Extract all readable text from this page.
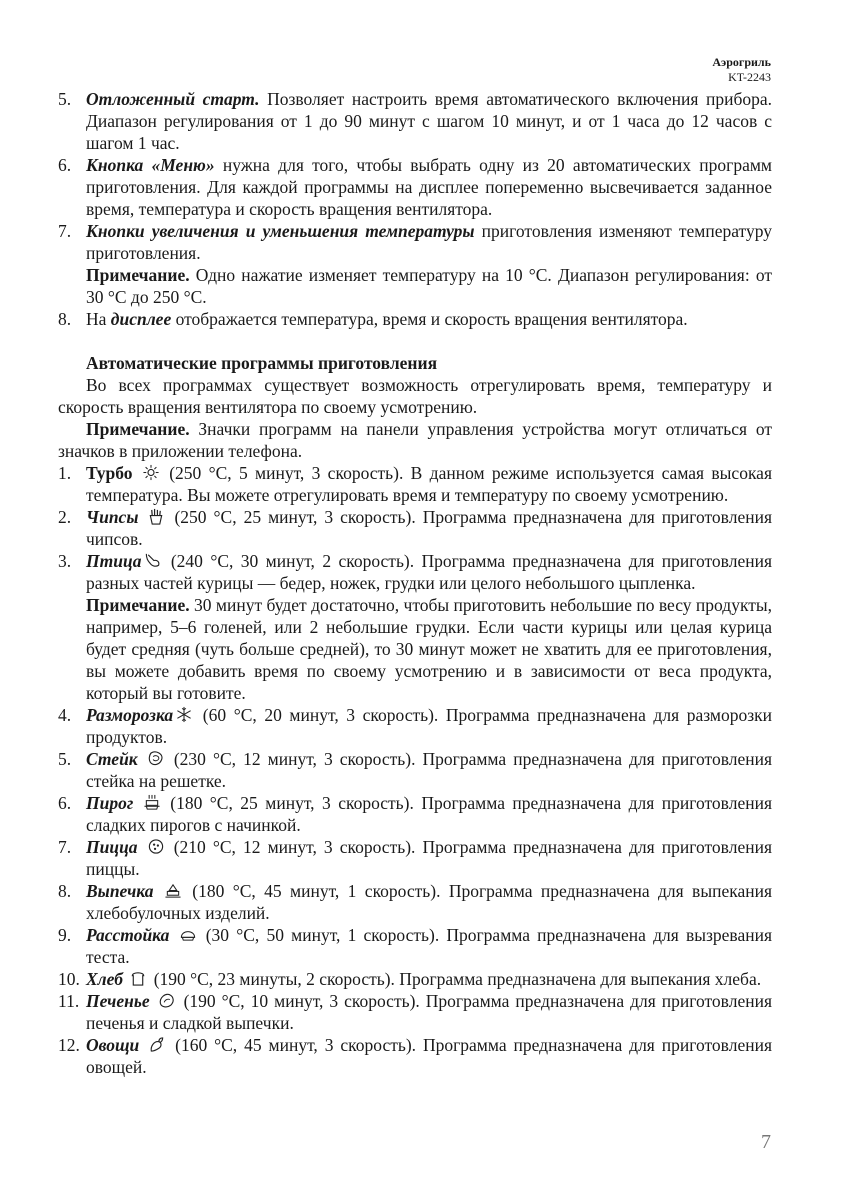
Аэрогриль
KT-2243
5. Отложенный старт. Позволяет настроить время автоматического включения прибора. Диапазон регулирования от 1 до 90 минут с шагом 10 минут, и от 1 часа до 12 часов с шагом 1 час.
6. Кнопка «Меню» нужна для того, чтобы выбрать одну из 20 автоматических программ приготовления. Для каждой программы на дисплее попеременно высвечивается заданное время, температура и скорость вращения вентилятора.
7. Кнопки увеличения и уменьшения температуры приготовления изменяют температуру приготовления.
Примечание. Одно нажатие изменяет температуру на 10 °C. Диапазон регулирования: от 30 °C до 250 °C.
8. На дисплее отображается температура, время и скорость вращения вентилятора.
Автоматические программы приготовления
Во всех программах существует возможность отрегулировать время, температуру и скорость вращения вентилятора по своему усмотрению.
Примечание. Значки программ на панели управления устройства могут отличаться от значков в приложении телефона.
1. Турбо
(250 °C, 5 минут, 3 скорость). В данном режиме используется самая высокая температура. Вы можете отрегулировать время и температуру по своему усмотрению.
2. Чипсы
(250 °C, 25 минут, 3 скорость). Программа предназначена для приготовления чипсов.
3. Птица
(240 °C, 30 минут, 2 скорость). Программа предназначена для приготовления разных частей курицы — бедер, ножек, грудки или целого небольшого цыпленка.
Примечание. 30 минут будет достаточно, чтобы приготовить небольшие по весу продукты, например, 5–6 голеней, или 2 небольшие грудки. Если части курицы или целая курица будет средняя (чуть больше средней), то 30 минут может не хватить для ее приготовления, вы можете добавить время по своему усмотрению и в зависимости от веса продукта, который вы готовите.
4. Разморозка
(60 °C, 20 минут, 3 скорость). Программа предназначена для разморозки продуктов.
5. Стейк
(230 °C, 12 минут, 3 скорость). Программа предназначена для приготовления стейка на решетке.
6. Пирог
(180 °C, 25 минут, 3 скорость). Программа предназначена для приготовления сладких пирогов с начинкой.
7. Пицца
(210 °C, 12 минут, 3 скорость). Программа предназначена для приготовления пиццы.
8. Выпечка
(180 °C, 45 минут, 1 скорость). Программа предназначена для выпекания хлебобулочных изделий.
9. Расстойка
(30 °C, 50 минут, 1 скорость). Программа предназначена для вызревания теста.
10. Хлеб
(190 °C, 23 минуты, 2 скорость). Программа предназначена для выпекания хлеба.
11. Печенье
(190 °C, 10 минут, 3 скорость). Программа предназначена для приготовления печенья и сладкой выпечки.
12. Овощи
(160 °C, 45 минут, 3 скорость). Программа предназначена для приготовления овощей.
7
